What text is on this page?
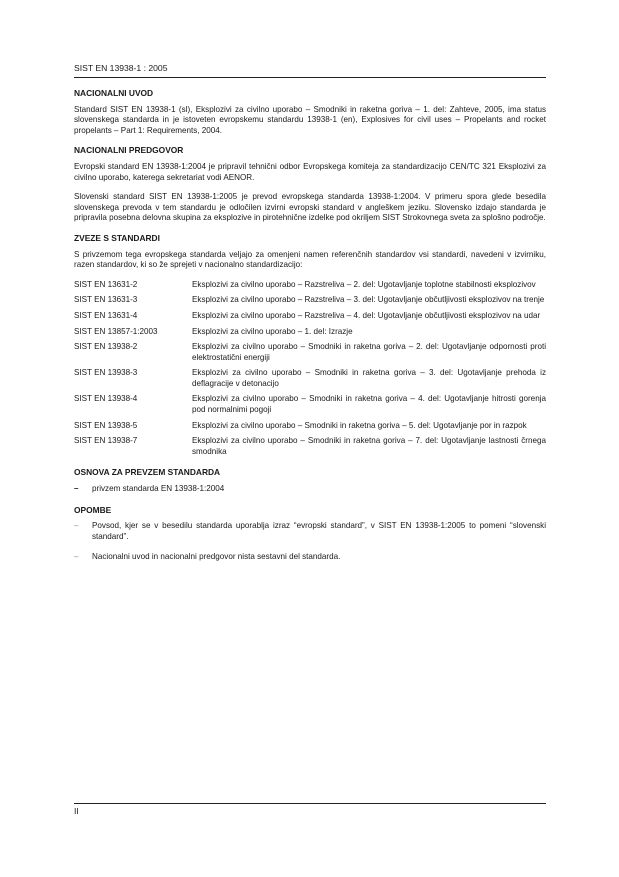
SIST EN 13938-1 : 2005
NACIONALNI UVOD

Standard SIST EN 13938-1 (sl), Eksplozivi za civilno uporabo – Smodniki in raketna goriva – 1. del: Zahteve, 2005, ima status slovenskega standarda in je istoveten evropskemu standardu 13938-1 (en), Explosives for civil uses – Propelants and rocket propelants – Part 1: Requirements, 2004.

NACIONALNI PREDGOVOR

Evropski standard EN 13938-1:2004 je pripravil tehnični odbor Evropskega komiteja za standardizacijo CEN/TC 321 Eksplozivi za civilno uporabo, katerega sekretariat vodi AENOR.

Slovenski standard SIST EN 13938-1:2005 je prevod evropskega standarda 13938-1:2004. V primeru spora glede besedila slovenskega prevoda v tem standardu je odločilen izvirni evropski standard v angleškem jeziku. Slovensko izdajo standarda je pripravila posebna delovna skupina za eksplozive in pirotehnične izdelke pod okriljem SIST Strokovnega sveta za splošno področje.

ZVEZE S STANDARDI

S privzemom tega evropskega standarda veljajo za omenjeni namen referenčnih standardov vsi standardi, navedeni v izvirniku, razen standardov, ki so že sprejeti v nacionalno standardizacijo:

SIST EN 13631-2	Eksplozivi za civilno uporabo – Razstreliva – 2. del: Ugotavljanje toplotne stabilnosti eksplozivov
SIST EN 13631-3	Eksplozivi za civilno uporabo – Razstreliva – 3. del: Ugotavljanje občutljivosti eksplozivov na trenje
SIST EN 13631-4	Eksplozivi za civilno uporabo – Razstreliva – 4. del: Ugotavljanje občutljivosti eksplozivov na udar
SIST EN 13857-1:2003	Eksplozivi za civilno uporabo – 1. del: Izrazje
SIST EN 13938-2	Eksplozivi za civilno uporabo – Smodniki in raketna goriva – 2. del: Ugotavljanje odpornosti proti elektrostatični energiji
SIST EN 13938-3	Eksplozivi za civilno uporabo – Smodniki in raketna goriva – 3. del: Ugotavljanje prehoda iz deflagracije v detonacijo
SIST EN 13938-4	Eksplozivi za civilno uporabo – Smodniki in raketna goriva – 4. del: Ugotavljanje hitrosti gorenja pod normalnimi pogoji
SIST EN 13938-5	Eksplozivi za civilno uporabo – Smodniki in raketna goriva – 5. del: Ugotavljanje por in razpok
SIST EN 13938-7	Eksplozivi za civilno uporabo – Smodniki in raketna goriva – 7. del: Ugotavljanje lastnosti črnega smodnika
OSNOVA ZA PREVZEM STANDARDA
–	privzem standarda EN 13938-1:2004
OPOMBE
–	Povsod, kjer se v besedilu standarda uporablja izraz “evropski standard”, v SIST EN 13938-1:2005 to pomeni “slovenski standard”.
–	Nacionalni uvod in nacionalni predgovor nista sestavni del standarda.
II
